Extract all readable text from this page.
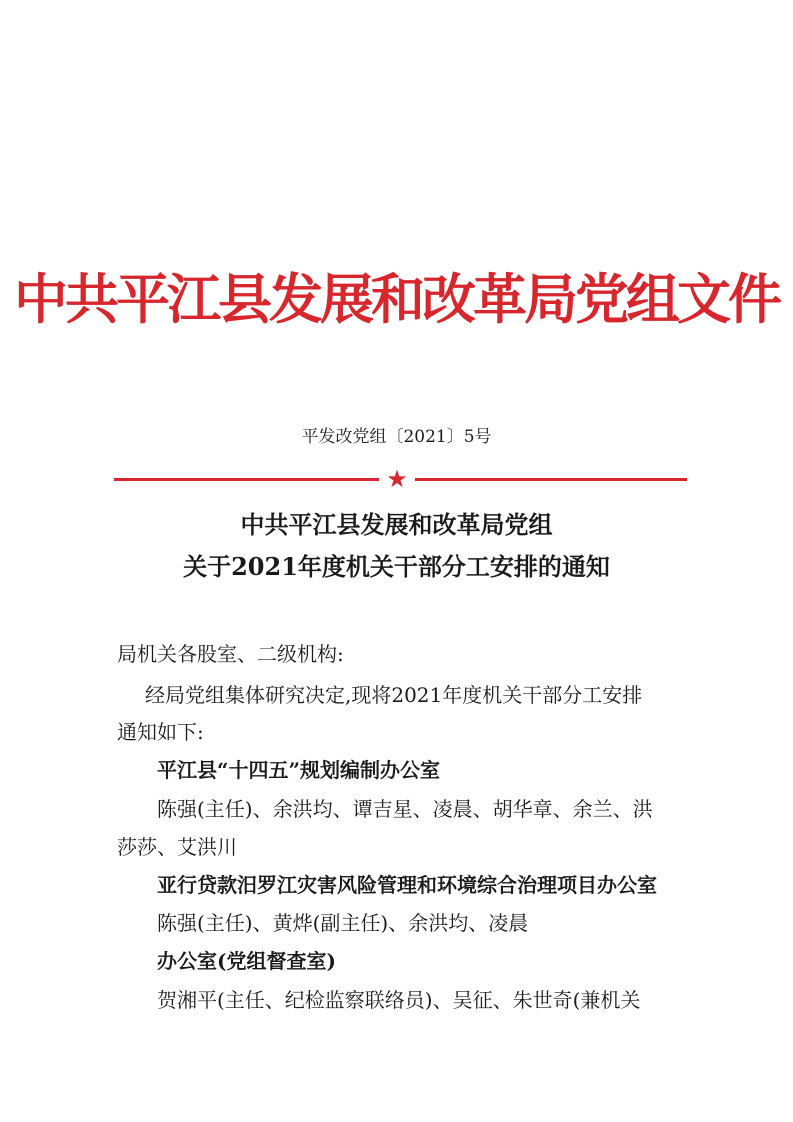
中共平江县发展和改革局党组文件
平发改党组〔2021〕5号
★
中共平江县发展和改革局党组
关于2021年度机关干部分工安排的通知
局机关各股室、二级机构:
经局党组集体研究决定,现将2021年度机关干部分工安排
通知如下:
平江县“十四五”规划编制办公室
陈强(主任)、余洪均、谭吉星、凌晨、胡华章、余兰、洪
莎莎、艾洪川
亚行贷款汨罗江灾害风险管理和环境综合治理项目办公室
陈强(主任)、黄烨(副主任)、余洪均、凌晨
办公室(党组督查室)
贺湘平(主任、纪检监察联络员)、吴征、朱世奇(兼机关
